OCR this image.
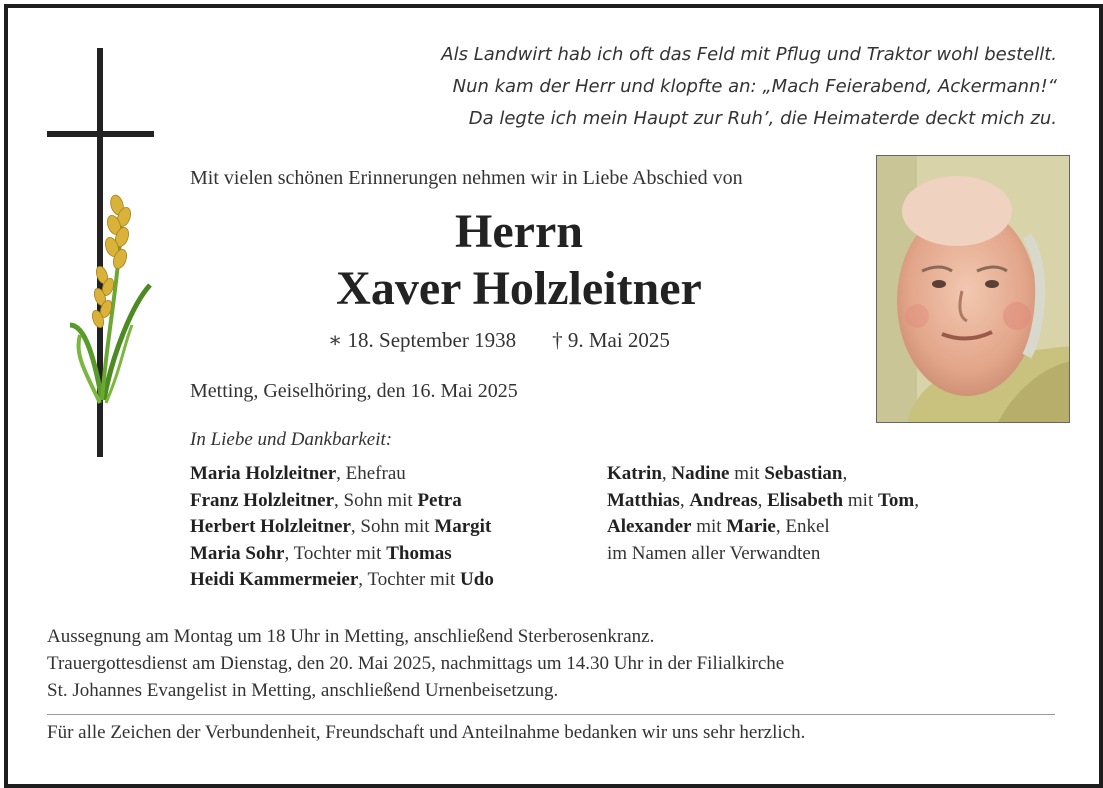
Als Landwirt hab ich oft das Feld mit Pflug und Traktor wohl bestellt.
Nun kam der Herr und klopfte an: „Mach Feierabend, Ackermann!“
Da legte ich mein Haupt zur Ruh’, die Heimaterde deckt mich zu.
Mit vielen schönen Erinnerungen nehmen wir in Liebe Abschied von
Herrn
Xaver Holzleitner
∗ 18. September 1938 † 9. Mai 2025
Metting, Geiselhöring, den 16. Mai 2025
In Liebe und Dankbarkeit:
Maria Holzleitner, Ehefrau
Franz Holzleitner, Sohn mit Petra
Herbert Holzleitner, Sohn mit Margit
Maria Sohr, Tochter mit Thomas
Heidi Kammermeier, Tochter mit Udo
Katrin, Nadine mit Sebastian,
Matthias, Andreas, Elisabeth mit Tom,
Alexander mit Marie, Enkel
im Namen aller Verwandten
Aussegnung am Montag um 18 Uhr in Metting, anschließend Sterberosenkranz.
Trauergottesdienst am Dienstag, den 20. Mai 2025, nachmittags um 14.30 Uhr in der Filialkirche
St. Johannes Evangelist in Metting, anschließend Urnenbeisetzung.
Für alle Zeichen der Verbundenheit, Freundschaft und Anteilnahme bedanken wir uns sehr herzlich.
